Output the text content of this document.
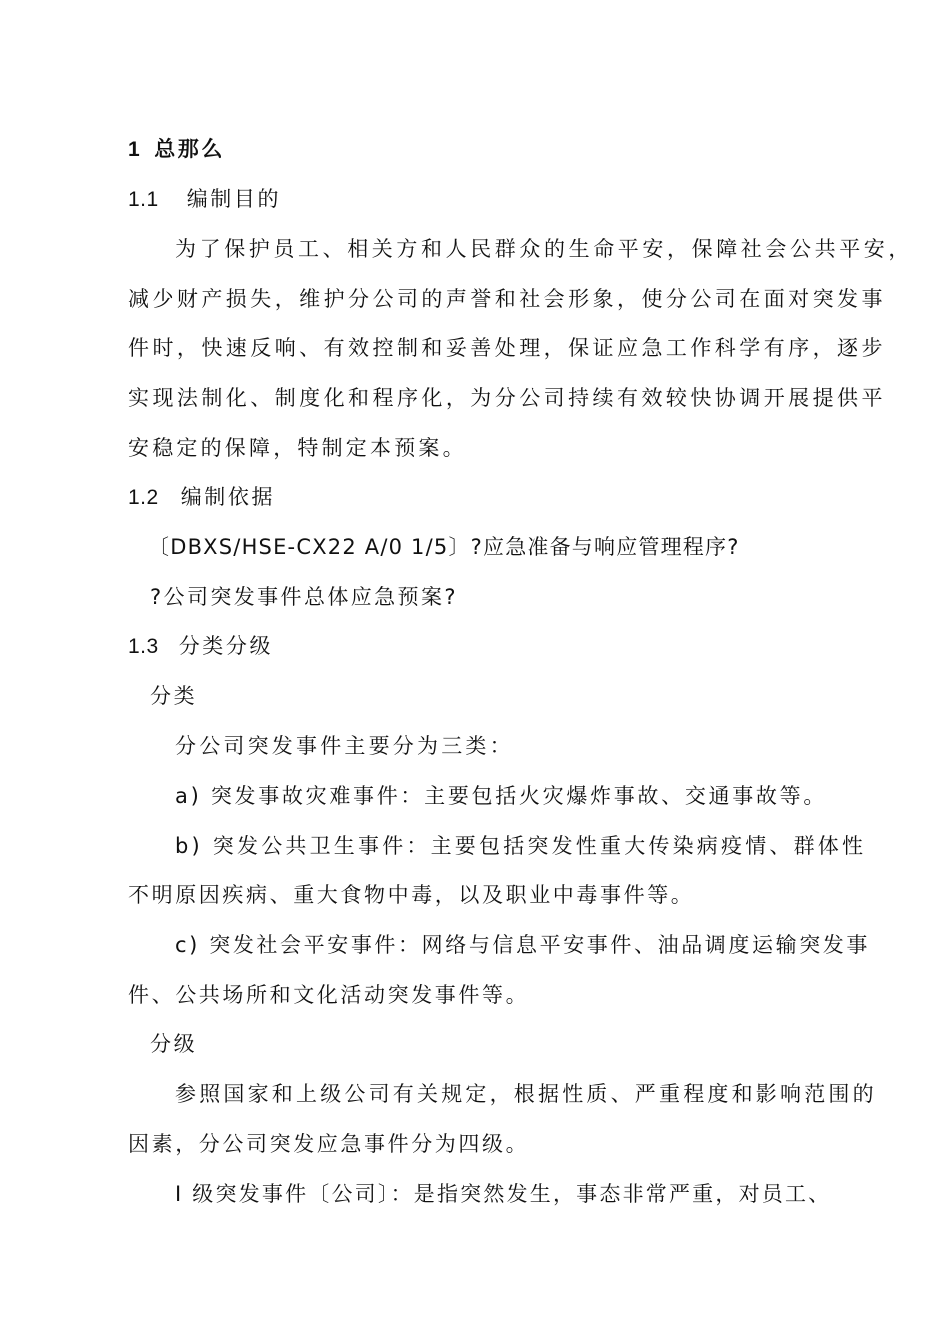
1 总那么
1.1 编制目的
为了保护员工、相关方和人民群众的生命平安，保障社会公共平安，
减少财产损失，维护分公司的声誉和社会形象，使分公司在面对突发事
件时，快速反响、有效控制和妥善处理，保证应急工作科学有序，逐步
实现法制化、制度化和程序化，为分公司持续有效较快协调开展提供平
安稳定的保障，特制定本预案。
1.2 编制依据
〔DBXS/HSE-CX22 A/0 1/5〕?应急准备与响应管理程序?
?公司突发事件总体应急预案?
1.3 分类分级
分类
分公司突发事件主要分为三类：
a) 突发事故灾难事件：主要包括火灾爆炸事故、交通事故等。
b) 突发公共卫生事件：主要包括突发性重大传染病疫情、群体性
不明原因疾病、重大食物中毒，以及职业中毒事件等。
c) 突发社会平安事件：网络与信息平安事件、油品调度运输突发事
件、公共场所和文化活动突发事件等。
分级
参照国家和上级公司有关规定，根据性质、严重程度和影响范围的
因素，分公司突发应急事件分为四级。
Ⅰ 级突发事件〔公司〕：是指突然发生，事态非常严重，对员工、
